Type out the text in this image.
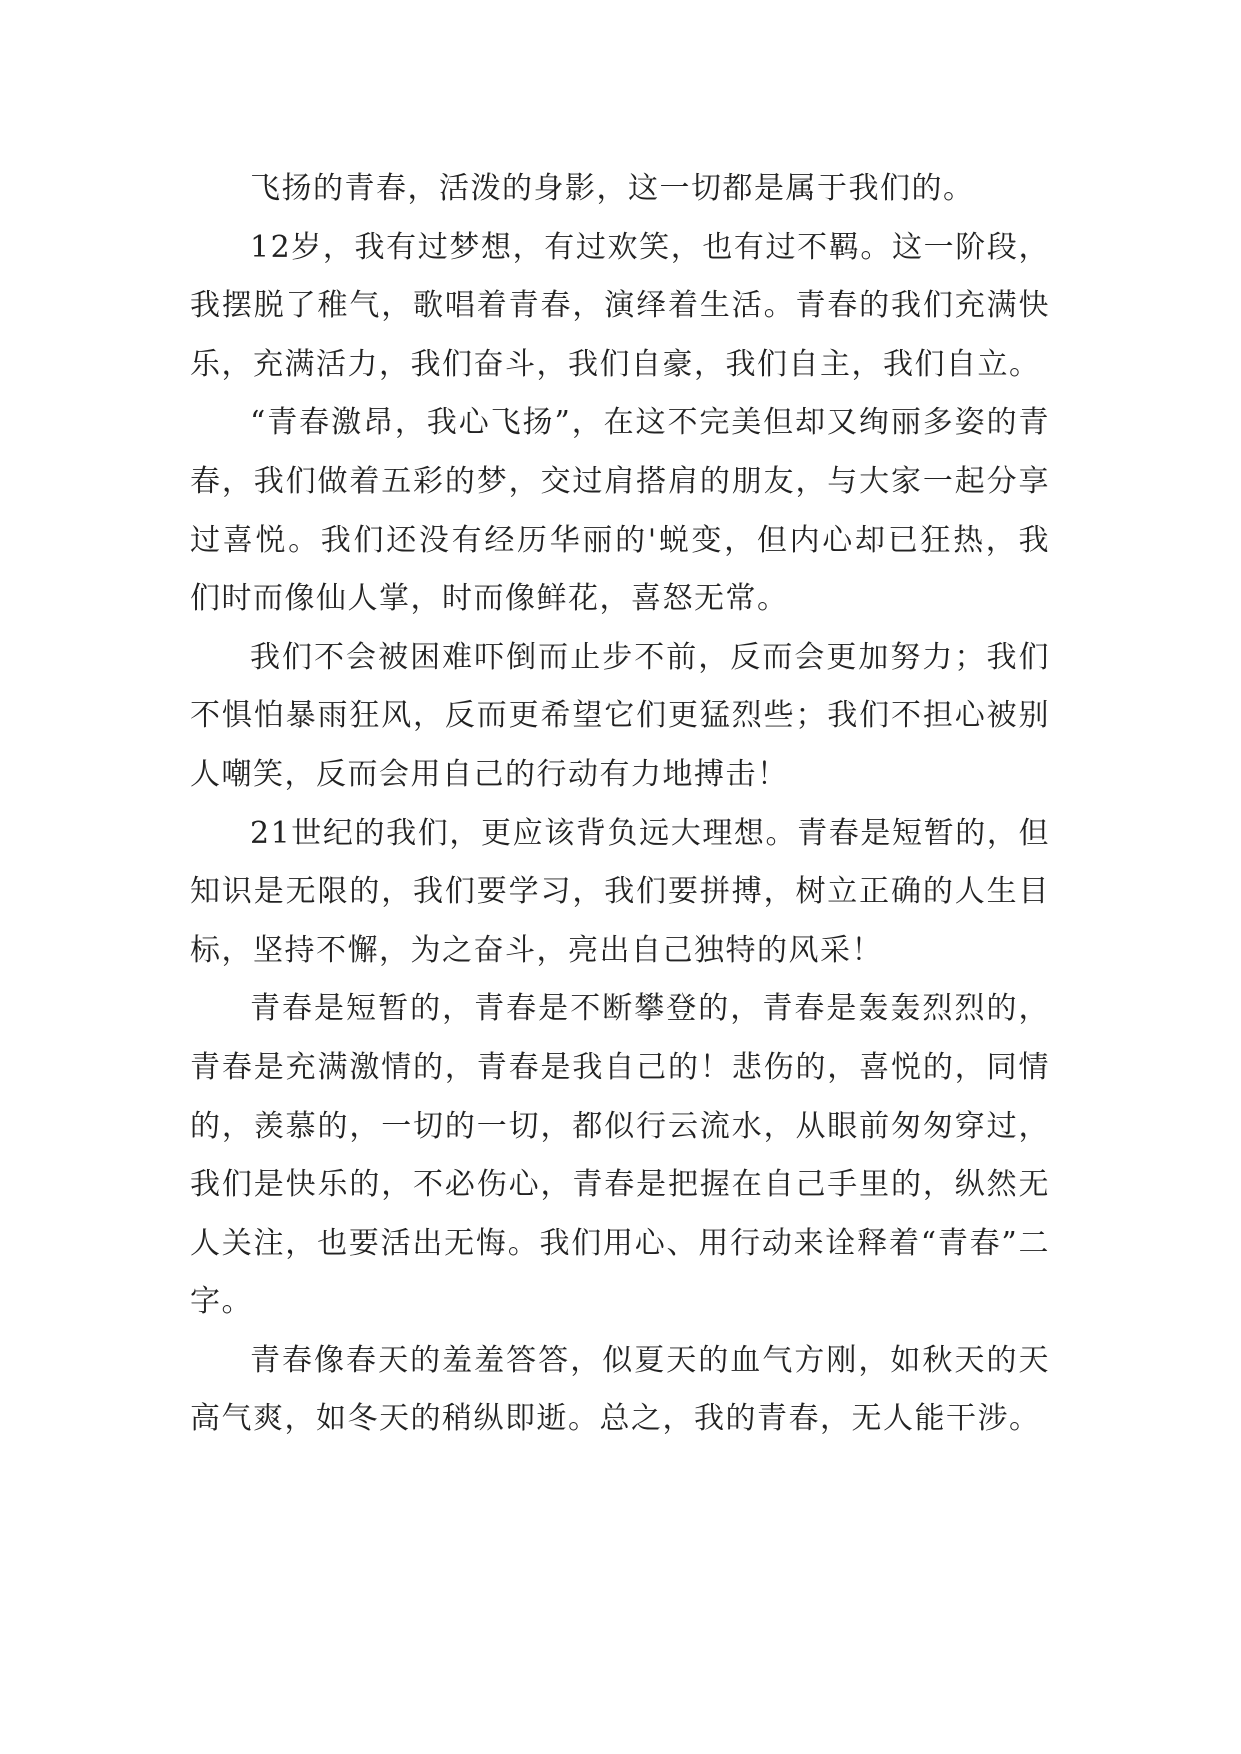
飞扬的青春，活泼的身影，这一切都是属于我们的。

12岁，我有过梦想，有过欢笑，也有过不羁。这一阶段，我摆脱了稚气，歌唱着青春，演绎着生活。青春的我们充满快乐，充满活力，我们奋斗，我们自豪，我们自主，我们自立。

“青春激昂，我心飞扬”，在这不完美但却又绚丽多姿的青春，我们做着五彩的梦，交过肩搭肩的朋友，与大家一起分享过喜悦。我们还没有经历华丽的'蜕变，但内心却已狂热，我们时而像仙人掌，时而像鲜花，喜怒无常。

我们不会被困难吓倒而止步不前，反而会更加努力；我们不惧怕暴雨狂风，反而更希望它们更猛烈些；我们不担心被别人嘲笑，反而会用自己的行动有力地搏击！

21世纪的我们，更应该背负远大理想。青春是短暂的，但知识是无限的，我们要学习，我们要拼搏，树立正确的人生目标，坚持不懈，为之奋斗，亮出自己独特的风采！

青春是短暂的，青春是不断攀登的，青春是轰轰烈烈的，青春是充满激情的，青春是我自己的！悲伤的，喜悦的，同情的，羡慕的，一切的一切，都似行云流水，从眼前匆匆穿过，我们是快乐的，不必伤心，青春是把握在自己手里的，纵然无人关注，也要活出无悔。我们用心、用行动来诠释着“青春”二字。

青春像春天的羞羞答答，似夏天的血气方刚，如秋天的天高气爽，如冬天的稍纵即逝。总之，我的青春，无人能干涉。
